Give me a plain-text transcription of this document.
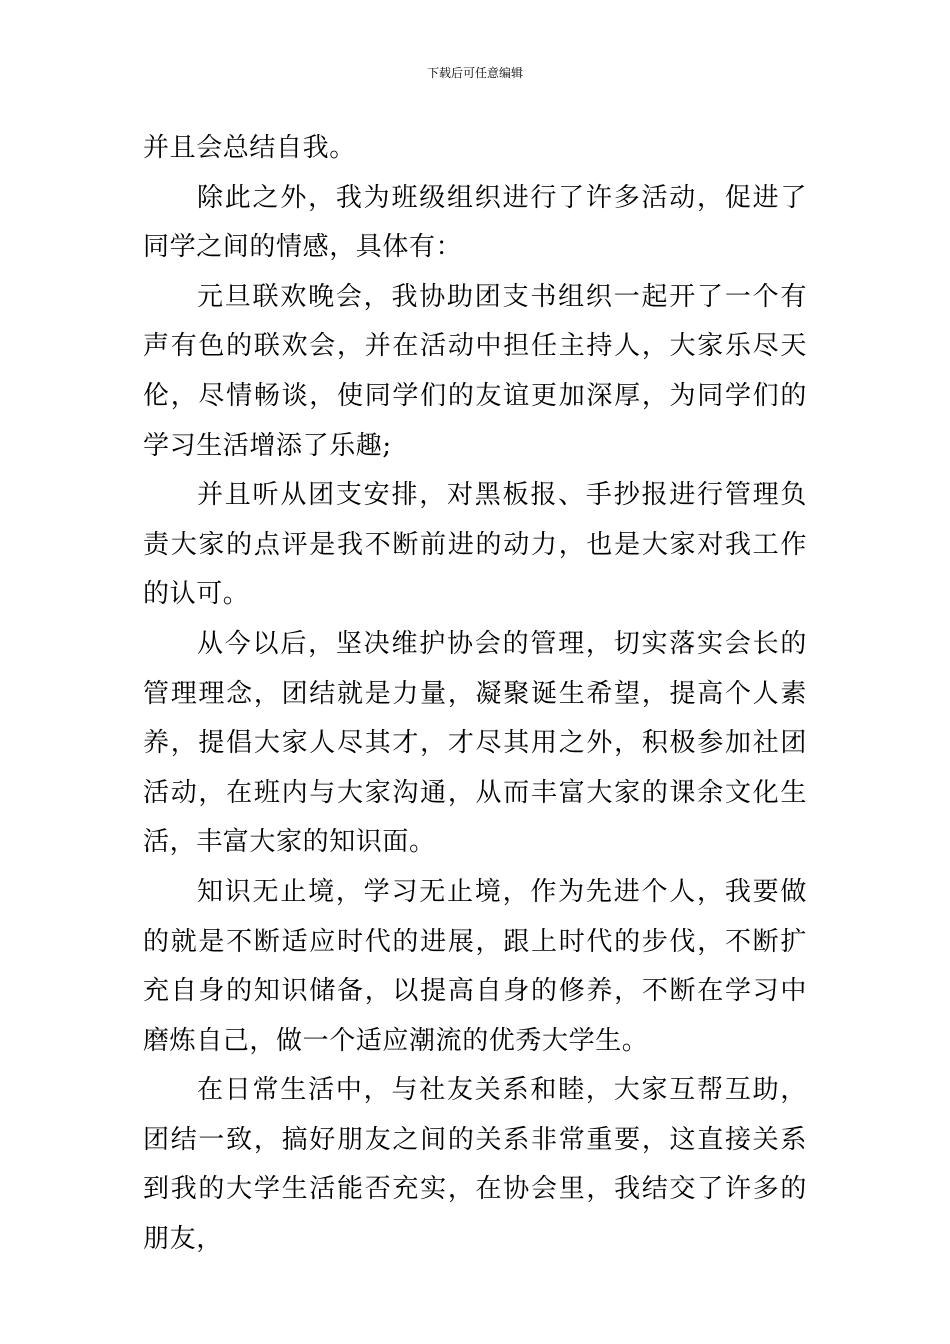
下载后可任意编辑

并且会总结自我。

除此之外，我为班级组织进行了许多活动，促进了同学之间的情感，具体有：

元旦联欢晚会，我协助团支书组织一起开了一个有声有色的联欢会，并在活动中担任主持人，大家乐尽天伦，尽情畅谈，使同学们的友谊更加深厚，为同学们的学习生活增添了乐趣;

并且听从团支安排，对黑板报、手抄报进行管理负责大家的点评是我不断前进的动力，也是大家对我工作的认可。

从今以后，坚决维护协会的管理，切实落实会长的管理理念，团结就是力量，凝聚诞生希望，提高个人素养，提倡大家人尽其才，才尽其用之外，积极参加社团活动，在班内与大家沟通，从而丰富大家的课余文化生活，丰富大家的知识面。

知识无止境，学习无止境，作为先进个人，我要做的就是不断适应时代的进展，跟上时代的步伐，不断扩充自身的知识储备，以提高自身的修养，不断在学习中磨炼自己，做一个适应潮流的优秀大学生。

在日常生活中，与社友关系和睦，大家互帮互助，团结一致，搞好朋友之间的关系非常重要，这直接关系到我的大学生活能否充实，在协会里，我结交了许多的朋友，
